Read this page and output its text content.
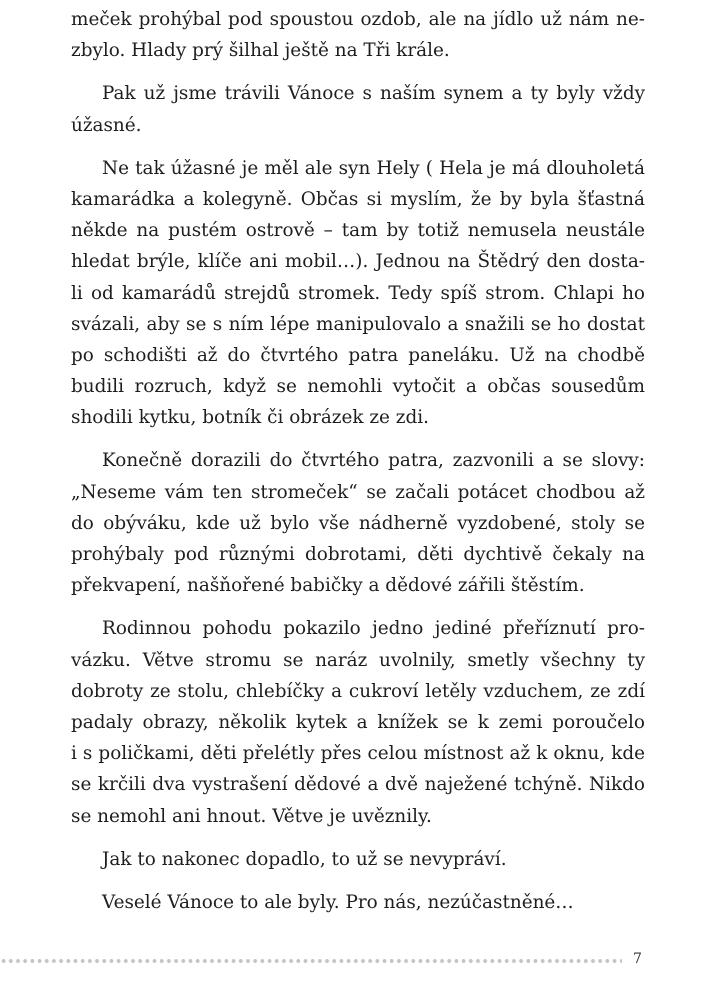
meček prohýbal pod spoustou ozdob, ale na jídlo už nám ne-
zbylo. Hlady prý šilhal ještě na Tři krále.
Pak už jsme trávili Vánoce s naším synem a ty byly vždy
úžasné.
Ne tak úžasné je měl ale syn Hely ( Hela je má dlouholetá
kamarádka a kolegyně. Občas si myslím, že by byla šťastná
někde na pustém ostrově – tam by totiž nemusela neustále
hledat brýle, klíče ani mobil…). Jednou na Štědrý den dosta-
li od kamarádů strejdů stromek. Tedy spíš strom. Chlapi ho
svázali, aby se s ním lépe manipulovalo a snažili se ho dostat
po schodišti až do čtvrtého patra paneláku. Už na chodbě
budili rozruch, když se nemohli vytočit a občas sousedům
shodili kytku, botník či obrázek ze zdi.
Konečně dorazili do čtvrtého patra, zazvonili a se slovy:
„Neseme vám ten stromeček“ se začali potácet chodbou až
do obýváku, kde už bylo vše nádherně vyzdobené, stoly se
prohýbaly pod různými dobrotami, děti dychtivě čekaly na
překvapení, našňořené babičky a dědové zářili štěstím.
Rodinnou pohodu pokazilo jedno jediné přeříznutí pro-
vázku. Větve stromu se naráz uvolnily, smetly všechny ty
dobroty ze stolu, chlebíčky a cukroví letěly vzduchem, ze zdí
padaly obrazy, několik kytek a knížek se k zemi poroučelo
i s poličkami, děti přelétly přes celou místnost až k oknu, kde
se krčili dva vystrašení dědové a dvě naježené tchýně. Nikdo
se nemohl ani hnout. Větve je uvěznily.
Jak to nakonec dopadlo, to už se nevypráví.
Veselé Vánoce to ale byly. Pro nás, nezúčastněné…
7
